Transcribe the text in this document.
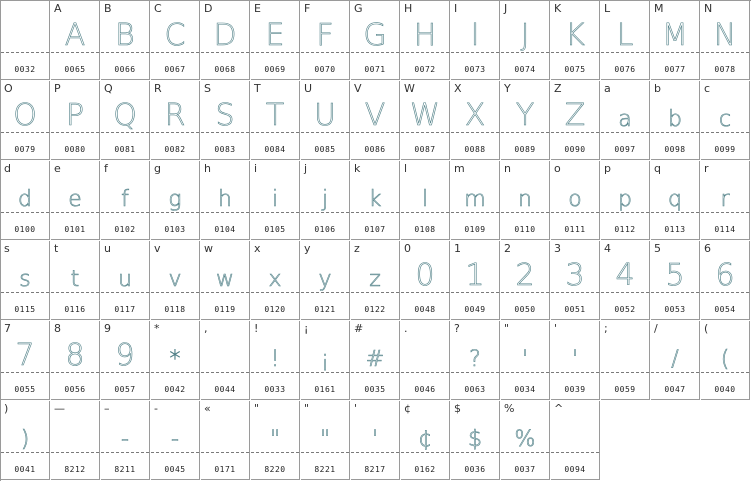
0032
A
A
0065
B
B
0066
C
C
0067
D
D
0068
E
E
0069
F
F
0070
G
G
0071
H
H
0072
I
I
0073
J
J
0074
K
K
0075
L
L
0076
M
M
0077
N
N
0078
O
O
0079
P
P
0080
Q
Q
0081
R
R
0082
S
S
0083
T
T
0084
U
U
0085
V
V
0086
W
W
0087
X
X
0088
Y
Y
0089
Z
Z
0090
a
a
0097
b
b
0098
c
c
0099
d
d
0100
e
e
0101
f
f
0102
g
g
0103
h
h
0104
i
i
0105
j
j
0106
k
k
0107
l
l
0108
m
m
0109
n
n
0110
o
o
0111
p
p
0112
q
q
0113
r
r
0114
s
s
0115
t
t
0116
u
u
0117
v
v
0118
w
w
0119
x
x
0120
y
y
0121
z
z
0122
0
0
0048
1
1
0049
2
2
0050
3
3
0051
4
4
0052
5
5
0053
6
6
0054
7
7
0055
8
8
0056
9
9
0057
*
*
0042
,
0044
!
!
0033
¡
¡
0161
#
#
0035
.
0046
?
?
0063
"
'
0034
'
'
0039
;
0059
/
/
0047
(
(
0040
)
)
0041
—
8212
–
-
8211
-
-
0045
«
0171
"
"
8220
"
"
8221
'
'
8217
¢
¢
0162
$
$
0036
%
%
0037
^
0094
